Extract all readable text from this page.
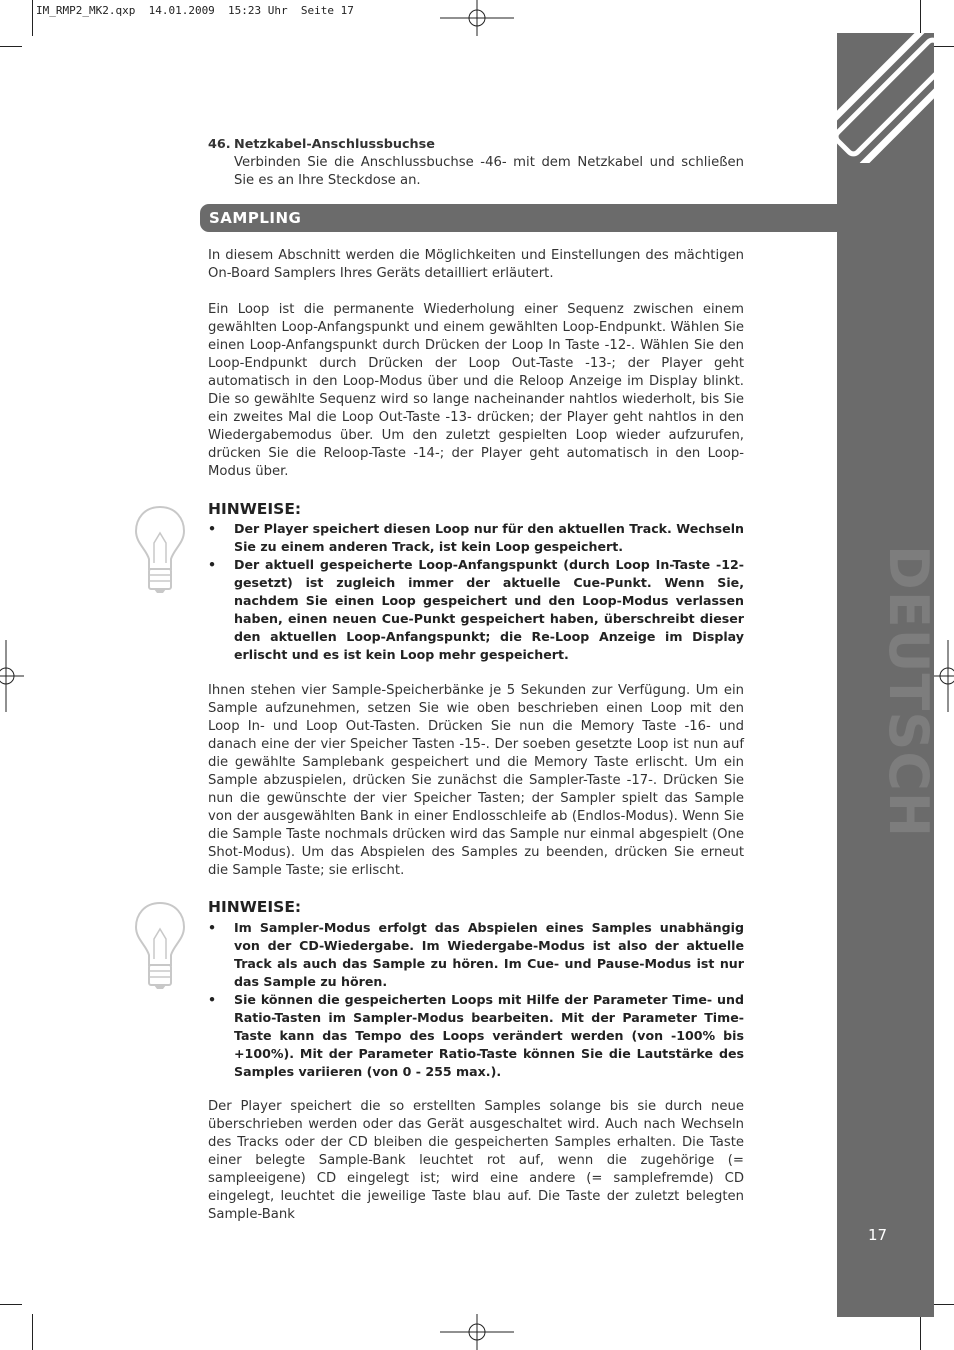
IM_RMP2_MK2.qxp  14.01.2009  15:23 Uhr  Seite 17
DEUTSCH
17
46. Netzkabel-Anschlussbuchse
Verbinden Sie die Anschlussbuchse -46- mit dem Netzkabel und schließen Sie es an Ihre Steckdose an.
SAMPLING
In diesem Abschnitt werden die Möglichkeiten und Einstellungen des mächtigen On-Board Samplers Ihres Geräts detailliert erläutert.
Ein Loop ist die permanente Wiederholung einer Sequenz zwischen einem gewählten Loop-Anfangspunkt und einem gewählten Loop-Endpunkt. Wählen Sie einen Loop-Anfangspunkt durch Drücken der Loop In Taste -12-. Wählen Sie den Loop-Endpunkt durch Drücken der Loop Out-Taste -13-; der Player geht automatisch in den Loop-Modus über und die Reloop Anzeige im Display blinkt. Die so gewählte Sequenz wird so lange nacheinander nahtlos wiederholt, bis Sie ein zweites Mal die Loop Out-Taste -13- drücken; der Player geht nahtlos in den Wiedergabemodus über. Um den zuletzt gespielten Loop wieder aufzurufen, drücken Sie die Reloop-Taste -14-; der Player geht automatisch in den Loop-Modus über.
HINWEISE:
• Der Player speichert diesen Loop nur für den aktuellen Track. Wechseln Sie zu einem anderen Track, ist kein Loop gespeichert.
• Der aktuell gespeicherte Loop-Anfangspunkt (durch Loop In-Taste -12- gesetzt) ist zugleich immer der aktuelle Cue-Punkt. Wenn Sie, nachdem Sie einen Loop gespeichert und den Loop-Modus verlassen haben, einen neuen Cue-Punkt gespeichert haben, überschreibt dieser den aktuellen Loop-Anfangspunkt; die Re-Loop Anzeige im Display erlischt und es ist kein Loop mehr gespeichert.
Ihnen stehen vier Sample-Speicherbänke je 5 Sekunden zur Verfügung. Um ein Sample aufzunehmen, setzen Sie wie oben beschrieben einen Loop mit den Loop In- und Loop Out-Tasten. Drücken Sie nun die Memory Taste -16- und danach eine der vier Speicher Tasten -15-. Der soeben gesetzte Loop ist nun auf die gewählte Samplebank gespeichert und die Memory Taste erlischt. Um ein Sample abzuspielen, drücken Sie zunächst die Sampler-Taste -17-. Drücken Sie nun die gewünschte der vier Speicher Tasten; der Sampler spielt das Sample von der ausgewählten Bank in einer Endlosschleife ab (Endlos-Modus). Wenn Sie die Sample Taste nochmals drücken wird das Sample nur einmal abgespielt (One Shot-Modus). Um das Abspielen des Samples zu beenden, drücken Sie erneut die Sample Taste; sie erlischt.
HINWEISE:
• Im Sampler-Modus erfolgt das Abspielen eines Samples unabhängig von der CD-Wiedergabe. Im Wiedergabe-Modus ist also der aktuelle Track als auch das Sample zu hören. Im Cue- und Pause-Modus ist nur das Sample zu hören.
• Sie können die gespeicherten Loops mit Hilfe der Parameter Time- und Ratio-Tasten im Sampler-Modus bearbeiten. Mit der Parameter Time-Taste kann das Tempo des Loops verändert werden (von -100% bis +100%). Mit der Parameter Ratio-Taste können Sie die Lautstärke des Samples variieren (von 0 - 255 max.).
Der Player speichert die so erstellten Samples solange bis sie durch neue überschrieben werden oder das Gerät ausgeschaltet wird. Auch nach Wechseln des Tracks oder der CD bleiben die gespeicherten Samples erhalten. Die Taste einer belegte Sample-Bank leuchtet rot auf, wenn die zugehörige (= sampleeigene) CD eingelegt ist; wird eine andere (= samplefremde) CD eingelegt, leuchtet die jeweilige Taste blau auf. Die Taste der zuletzt belegten Sample-Bank
